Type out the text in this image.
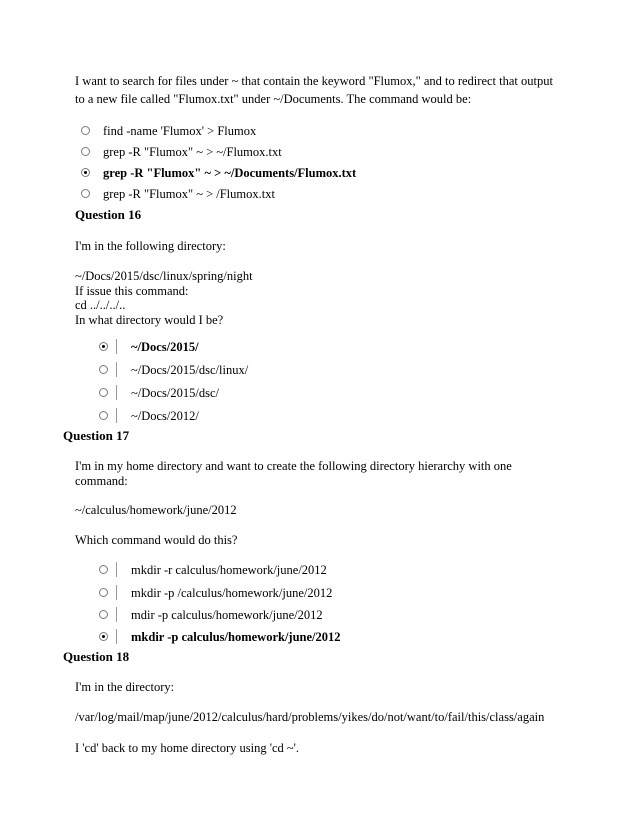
I want to search for files under ~ that contain the keyword "Flumox," and to redirect that output
to a new file called "Flumox.txt" under ~/Documents. The command would be:
find -name 'Flumox' > Flumox
grep -R "Flumox" ~ > ~/Flumox.txt
grep -R "Flumox" ~ > ~/Documents/Flumox.txt
grep -R "Flumox" ~ > /Flumox.txt
Question 16
I'm in the following directory:
~/Docs/2015/dsc/linux/spring/night
If issue this command:
cd ../../../..
In what directory would I be?
~/Docs/2015/
~/Docs/2015/dsc/linux/
~/Docs/2015/dsc/
~/Docs/2012/
Question 17
I'm in my home directory and want to create the following directory hierarchy with one
command:
~/calculus/homework/june/2012
Which command would do this?
mkdir -r calculus/homework/june/2012
mkdir -p /calculus/homework/june/2012
mdir -p calculus/homework/june/2012
mkdir -p calculus/homework/june/2012
Question 18
I'm in the directory:
/var/log/mail/map/june/2012/calculus/hard/problems/yikes/do/not/want/to/fail/this/class/again
I 'cd' back to my home directory using 'cd ~'.
